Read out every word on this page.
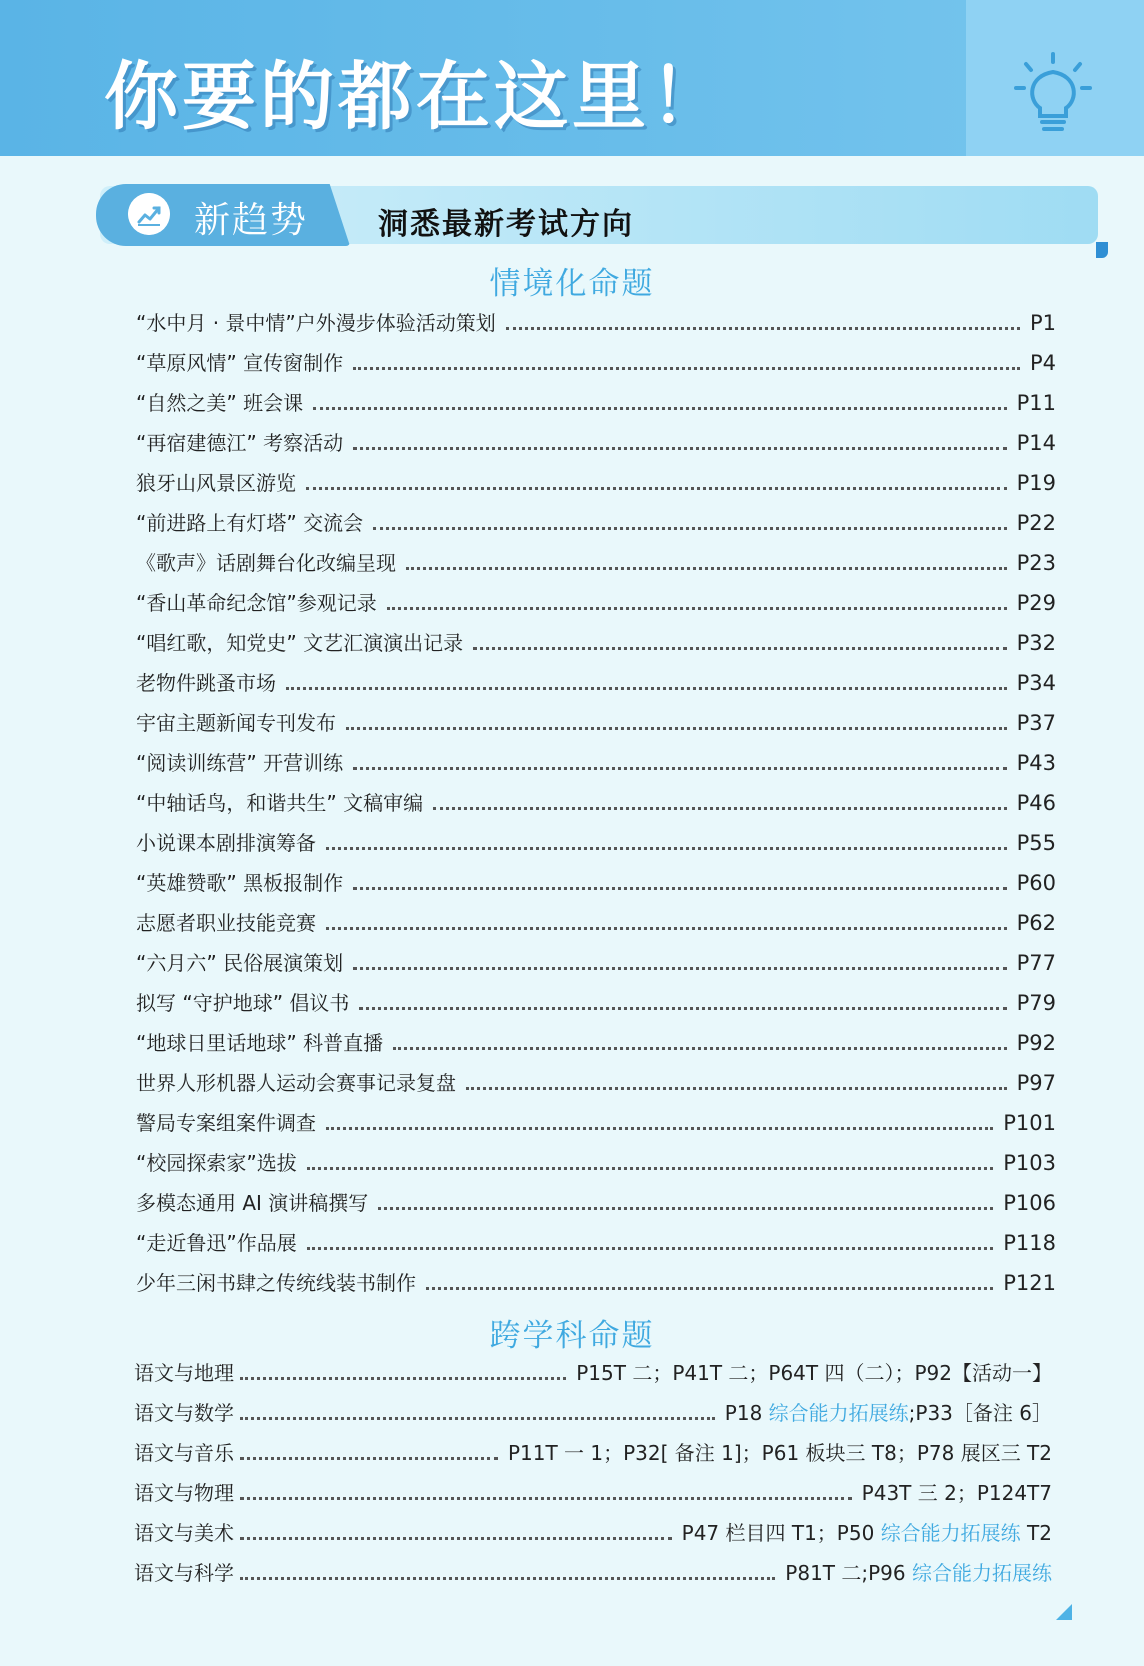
你要的都在这里！
新趋势 洞悉最新考试方向
情境化命题
“水中月 · 景中情”户外漫步体验活动策划	P1
“草原风情” 宣传窗制作	P4
“自然之美” 班会课	P11
“再宿建德江” 考察活动	P14
狼牙山风景区游览	P19
“前进路上有灯塔” 交流会	P22
《歌声》话剧舞台化改编呈现	P23
“香山革命纪念馆”参观记录	P29
“唱红歌，知党史” 文艺汇演演出记录	P32
老物件跳蚤市场	P34
宇宙主题新闻专刊发布	P37
“阅读训练营” 开营训练	P43
“中轴话鸟，和谐共生” 文稿审编	P46
小说课本剧排演筹备	P55
“英雄赞歌” 黑板报制作	P60
志愿者职业技能竞赛	P62
“六月六” 民俗展演策划	P77
拟写 “守护地球” 倡议书	P79
“地球日里话地球” 科普直播	P92
世界人形机器人运动会赛事记录复盘	P97
警局专案组案件调查	P101
“校园探索家”选拔	P103
多模态通用 AI 演讲稿撰写	P106
“走近鲁迅”作品展	P118
少年三闲书肆之传统线装书制作	P121
跨学科命题
语文与地理	P15T 二；P41T 二；P64T 四（二）；P92【活动一】
语文与数学	P18 综合能力拓展练;P33［备注 6］
语文与音乐	P11T 一 1；P32[ 备注 1]；P61 板块三 T8；P78 展区三 T2
语文与物理	P43T 三 2；P124T7
语文与美术	P47 栏目四 T1；P50 综合能力拓展练 T2
语文与科学	P81T 二;P96 综合能力拓展练
